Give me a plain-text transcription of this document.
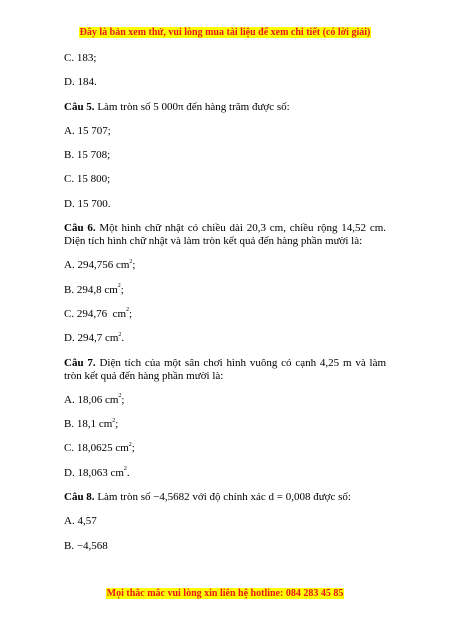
Đây là bản xem thử, vui lòng mua tài liệu để xem chi tiết (có lời giải)

C. 183;

D. 184.

Câu 5. Làm tròn số 5 000π đến hàng trăm được số:

A. 15 707;

B. 15 708;

C. 15 800;

D. 15 700.

Câu 6. Một hình chữ nhật có chiều dài 20,3 cm, chiều rộng 14,52 cm. Diện tích hình chữ nhật và làm tròn kết quả đến hàng phần mười là:

A. 294,756 $cm^2$;

B. 294,8 $cm^2$;

C. 294,76  $cm^2$;

D. 294,7 $cm^2$.

Câu 7. Diện tích của một sân chơi hình vuông có cạnh 4,25 m và làm tròn kết quả đến hàng phần mười là:

A. 18,06 $cm^2$;

B. 18,1 $cm^2$;

C. 18,0625 $cm^2$;

D. 18,063 $cm^2$.

Câu 8. Làm tròn số −4,5682 với độ chính xác d = 0,008 được số:

A. 4,57

B. −4,568

Mọi thắc mắc vui lòng xin liên hệ hotline: 084 283 45 85
